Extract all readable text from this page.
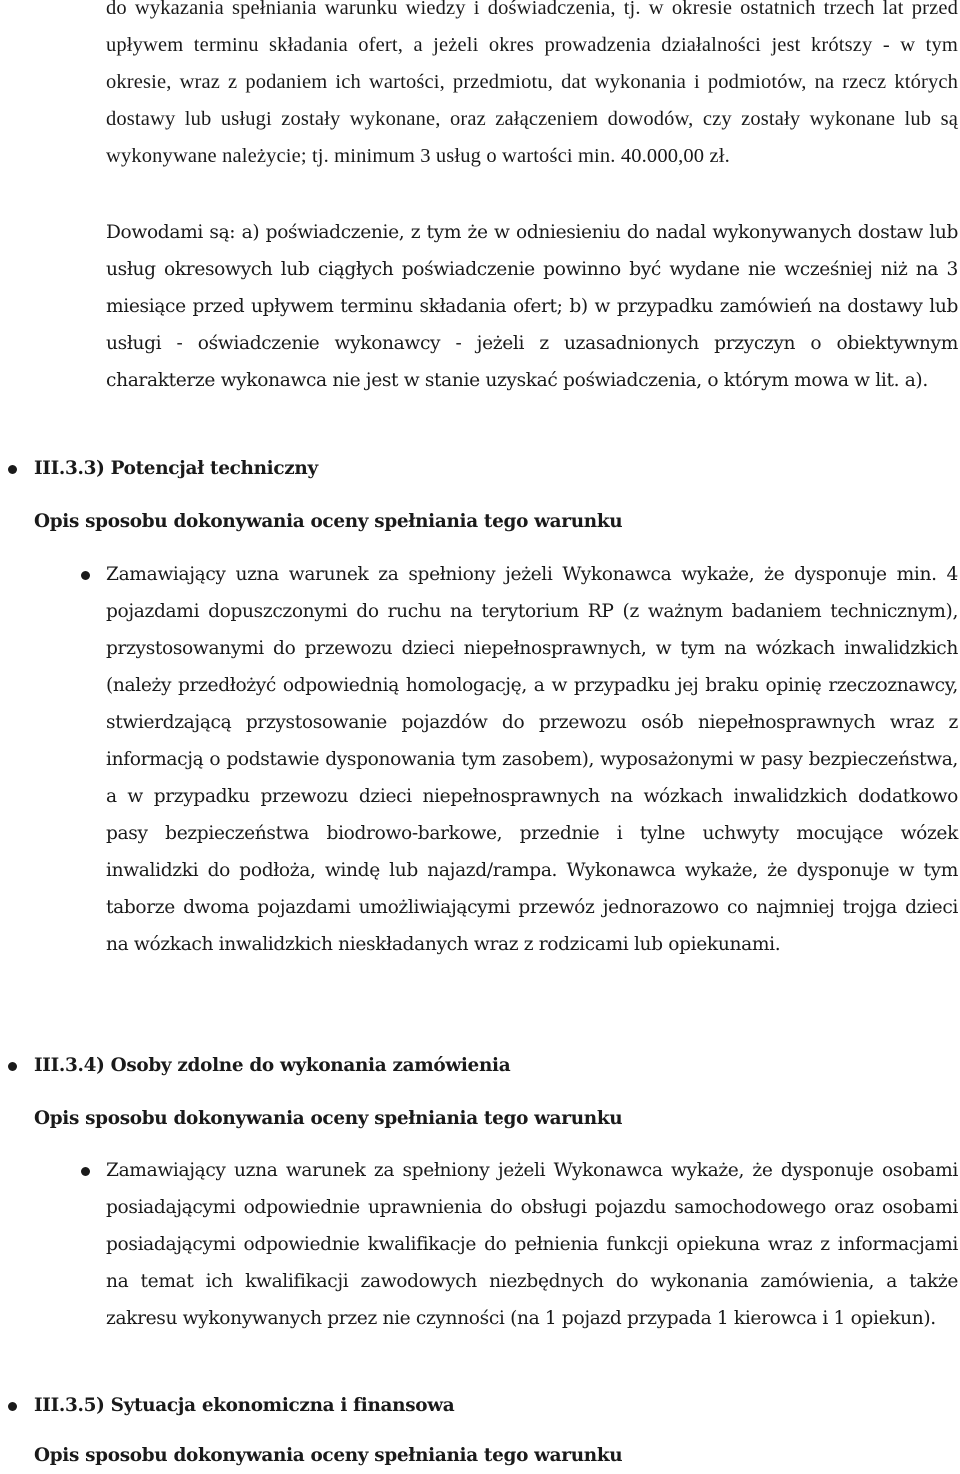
do wykazania spełniania warunku wiedzy i doświadczenia, tj. w okresie ostatnich trzech lat przed upływem terminu składania ofert, a jeżeli okres prowadzenia działalności jest krótszy - w tym okresie, wraz z podaniem ich wartości, przedmiotu, dat wykonania i podmiotów, na rzecz których dostawy lub usługi zostały wykonane, oraz załączeniem dowodów, czy zostały wykonane lub są wykonywane należycie; tj. minimum 3 usług o wartości min. 40.000,00 zł.

Dowodami są: a) poświadczenie, z tym że w odniesieniu do nadal wykonywanych dostaw lub usług okresowych lub ciągłych poświadczenie powinno być wydane nie wcześniej niż na 3 miesiące przed upływem terminu składania ofert; b) w przypadku zamówień na dostawy lub usługi - oświadczenie wykonawcy - jeżeli z uzasadnionych przyczyn o obiektywnym charakterze wykonawca nie jest w stanie uzyskać poświadczenia, o którym mowa w lit. a).

III.3.3) Potencjał techniczny
Opis sposobu dokonywania oceny spełniania tego warunku

Zamawiający uzna warunek za spełniony jeżeli Wykonawca wykaże, że dysponuje min. 4 pojazdami dopuszczonymi do ruchu na terytorium RP (z ważnym badaniem technicznym), przystosowanymi do przewozu dzieci niepełnosprawnych, w tym na wózkach inwalidzkich (należy przedłożyć odpowiednią homologację, a w przypadku jej braku opinię rzeczoznawcy, stwierdzającą przystosowanie pojazdów do przewozu osób niepełnosprawnych wraz z informacją o podstawie dysponowania tym zasobem), wyposażonymi w pasy bezpieczeństwa, a w przypadku przewozu dzieci niepełnosprawnych na wózkach inwalidzkich dodatkowo pasy bezpieczeństwa biodrowo-barkowe, przednie i tylne uchwyty mocujące wózek inwalidzki do podłoża, windę lub najazd/rampa. Wykonawca wykaże, że dysponuje w tym taborze dwoma pojazdami umożliwiającymi przewóz jednorazowo co najmniej trojga dzieci na wózkach inwalidzkich nieskładanych wraz z rodzicami lub opiekunami.

III.3.4) Osoby zdolne do wykonania zamówienia
Opis sposobu dokonywania oceny spełniania tego warunku

Zamawiający uzna warunek za spełniony jeżeli Wykonawca wykaże, że dysponuje osobami posiadającymi odpowiednie uprawnienia do obsługi pojazdu samochodowego oraz osobami posiadającymi odpowiednie kwalifikacje do pełnienia funkcji opiekuna wraz z informacjami na temat ich kwalifikacji zawodowych niezbędnych do wykonania zamówienia, a także zakresu wykonywanych przez nie czynności (na 1 pojazd przypada 1 kierowca i 1 opiekun).

III.3.5) Sytuacja ekonomiczna i finansowa
Opis sposobu dokonywania oceny spełniania tego warunku
